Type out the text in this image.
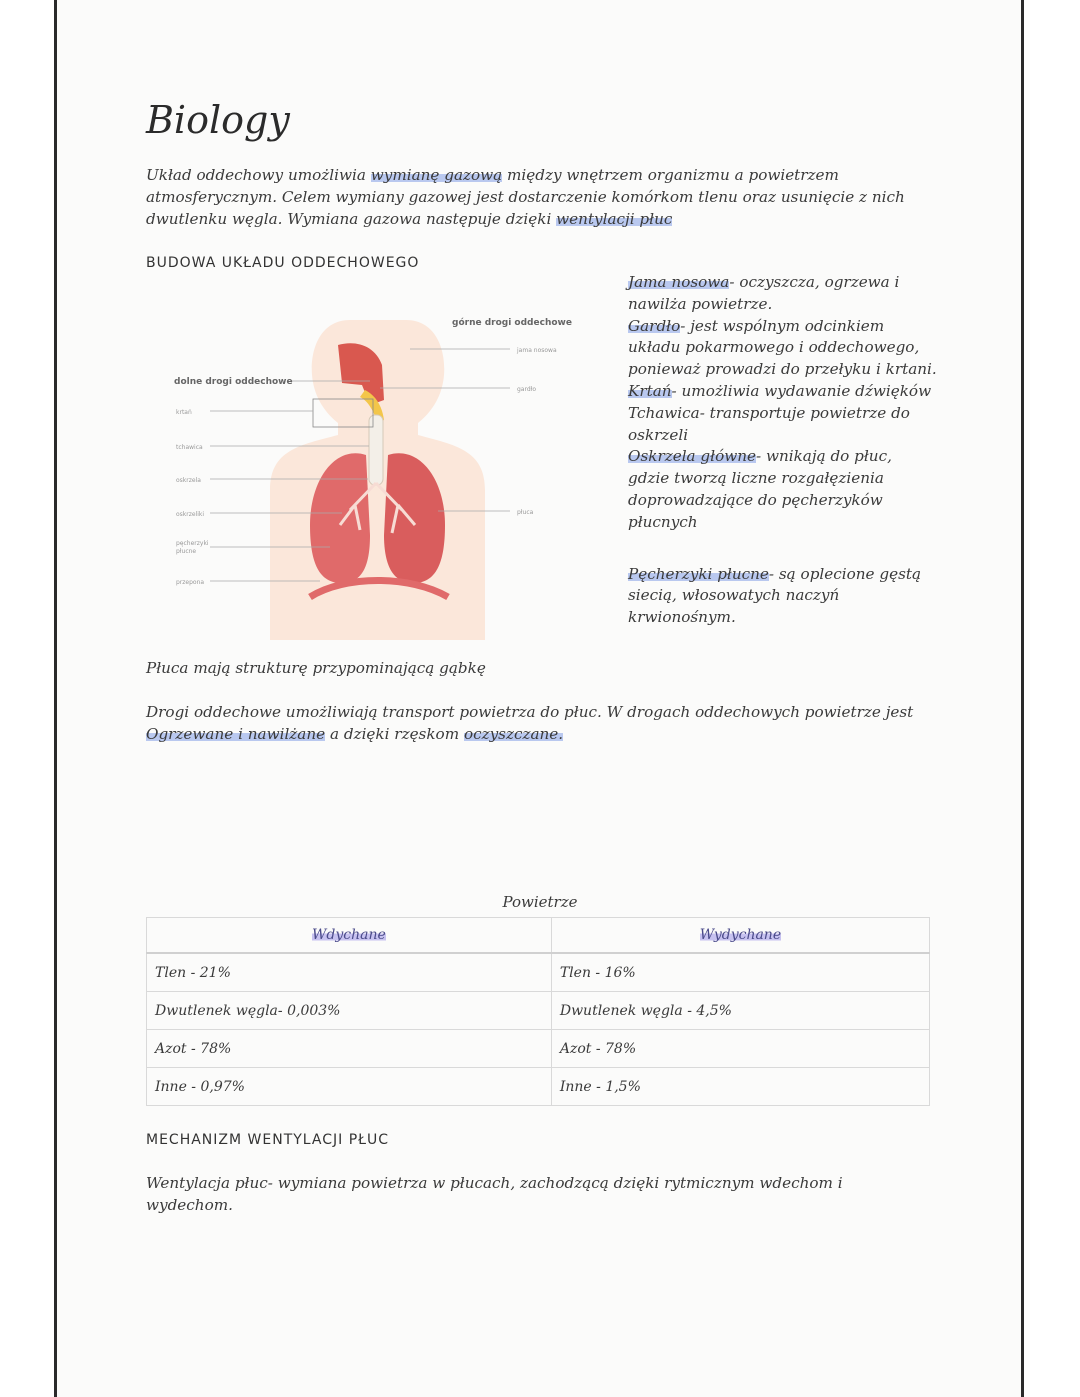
Biology
Układ oddechowy umożliwia wymianę gazową między wnętrzem organizmu a powietrzem atmosferycznym. Celem wymiany gazowej jest dostarczenie komórkom tlenu oraz usunięcie z nich dwutlenku węgla. Wymiana gazowa następuje dzięki wentylacji płuc
BUDOWA UKŁADU ODDECHOWEGO
górne drogi oddechowe
jama nosowa
gardło
płuca
dolne drogi oddechowe
krtań
tchawica
oskrzela
oskrzeliki
pęcherzyki
płucne
przepona

Jama nosowa- oczyszcza, ogrzewa i nawilża powietrze.

Gardło- jest wspólnym odcinkiem układu pokarmowego i oddechowego, ponieważ prowadzi do przełyku i krtani.

Krtań- umożliwia wydawanie dźwięków

Tchawica- transportuje powietrze do oskrzeli

Oskrzela główne- wnikają do płuc, gdzie tworzą liczne rozgałęzienia doprowadzające do pęcherzyków płucnych

Pęcherzyki płucne- są oplecione gęstą siecią, włosowatych naczyń krwionośnym.

Płuca mają strukturę przypominającą gąbkę
Drogi oddechowe umożliwiają transport powietrza do płuc. W drogach oddechowych powietrze jest Ogrzewane i nawilżane a dzięki rzęskom oczyszczane.
Powietrze
Wdychane	Wydychane
Tlen - 21%	Tlen - 16%
Dwutlenek węgla- 0,003%	Dwutlenek węgla - 4,5%
Azot - 78%	Azot - 78%
Inne - 0,97%	Inne - 1,5%
MECHANIZM WENTYLACJI PŁUC
Wentylacja płuc- wymiana powietrza w płucach, zachodzącą dzięki rytmicznym wdechom i wydechom.
